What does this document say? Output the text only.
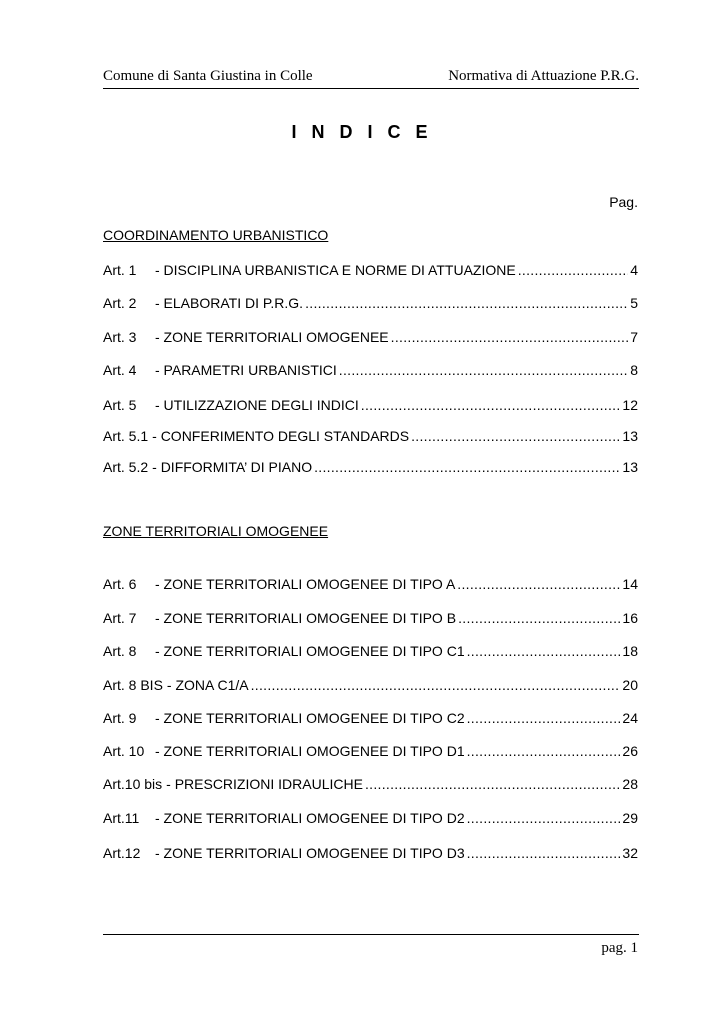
Comune di Santa Giustina in Colle	Normativa di Attuazione P.R.G.
I N D I C E
Pag.
COORDINAMENTO URBANISTICO
Art. 1	- DISCIPLINA URBANISTICA E NORME DI ATTUAZIONE .....	4
Art. 2	- ELABORATI DI P.R.G. .....	5
Art. 3	- ZONE TERRITORIALI OMOGENEE .....	7
Art. 4	- PARAMETRI URBANISTICI .....	8
Art. 5	- UTILIZZAZIONE DEGLI INDICI .....	12
Art. 5.1 - CONFERIMENTO DEGLI STANDARDS .....	13
Art. 5.2 - DIFFORMITA’ DI PIANO .....	13
ZONE TERRITORIALI OMOGENEE
Art. 6	- ZONE TERRITORIALI OMOGENEE DI TIPO A .....	14
Art. 7	- ZONE TERRITORIALI OMOGENEE DI TIPO B .....	16
Art. 8	- ZONE TERRITORIALI OMOGENEE DI TIPO C1 .....	18
Art. 8 BIS - ZONA C1/A .....	20
Art. 9	- ZONE TERRITORIALI OMOGENEE DI TIPO C2 .....	24
Art. 10 - ZONE TERRITORIALI OMOGENEE DI TIPO D1 .....	26
Art.10 bis - PRESCRIZIONI IDRAULICHE .....	28
Art.11	- ZONE TERRITORIALI OMOGENEE DI TIPO D2 .....	29
Art.12	- ZONE TERRITORIALI OMOGENEE DI TIPO D3 .....	32
pag. 1
